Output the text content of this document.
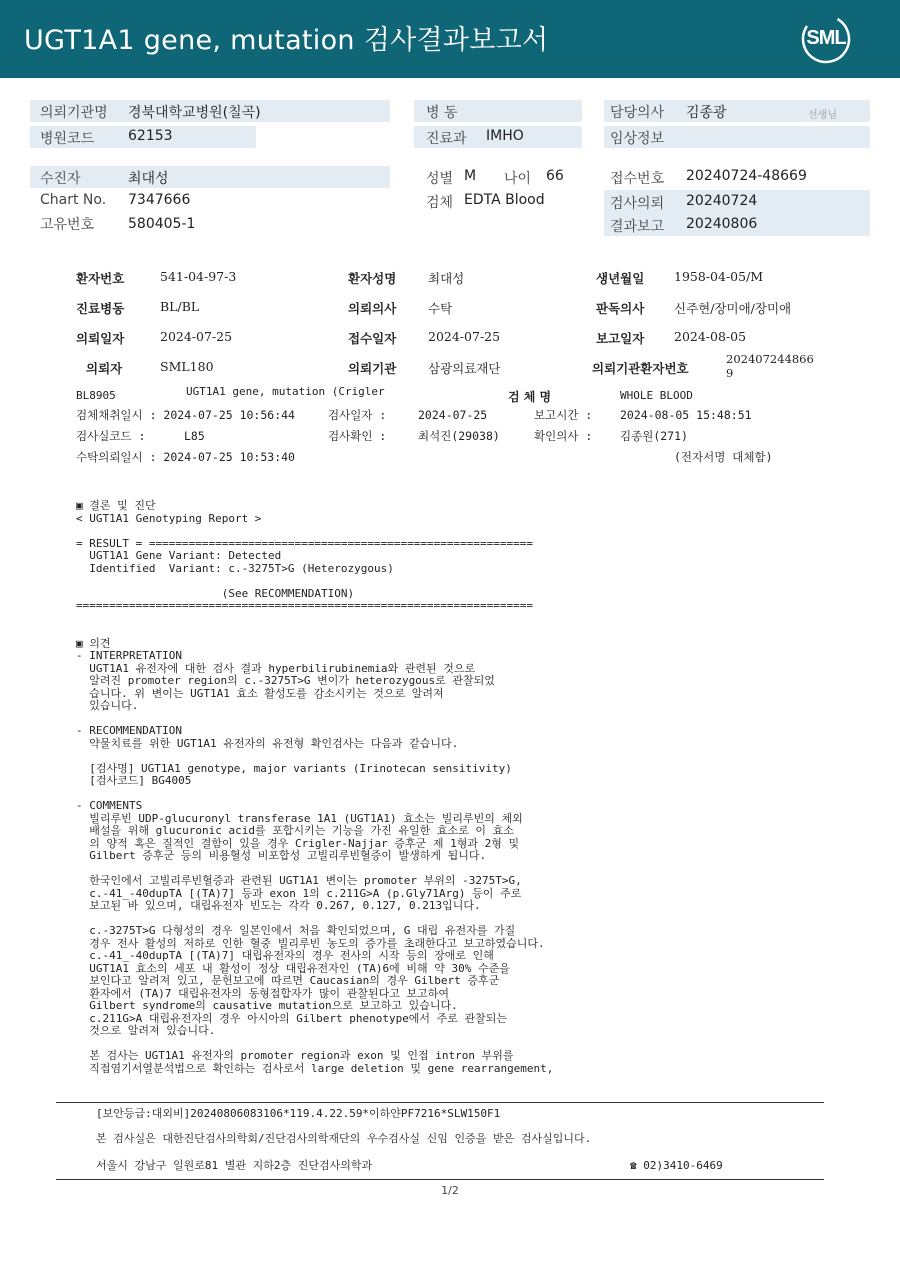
UGT1A1 gene, mutation 검사결과보고서	SML
의뢰기관명 경북대학교병원(칠곡)	병 동	담당의사 김종광	선생님
병원코드 62153	진료과 IMHO	임상정보
수진자	최대성	성별 M 나이 66	접수번호 20240724-48669
Chart No. 7347666	검체 EDTA Blood	검사의뢰 20240724
고유번호 580405-1	결과보고 20240806
환자번호	541-04-97-3	환자성명	최대성	생년월일 1958-04-05/M
진료병동	BL/BL	의뢰의사	수탁	판독의사 신주현/장미애/장미애
의뢰일자	2024-07-25	접수일자	2024-07-25	보고일자 2024-08-05
의뢰자	SML180	의뢰기관	삼광의료재단	의뢰기관환자번호
202407244866
9
BL8905	UGT1A1 gene, mutation (Crigler	검 체 명	WHOLE BLOOD
검체채취일시 : 2024-07-25 10:56:44	검사일자 :	2024-07-25	보고시간 : 2024-08-05 15:48:51
검사실코드 :	L85	검사확인 :	최석진(29038)	확인의사 : 김종원(271)
수탁의뢰일시 : 2024-07-25 10:53:40	(전자서명 대체함)
▣ 결론 및 진단
< UGT1A1 Genotyping Report >

= RESULT = ==========================================================
UGT1A1 Gene Variant: Detected
Identified  Variant: c.-3275T>G (Heterozygous)

(See RECOMMENDATION)
=====================================================================

▣ 의견
- INTERPRETATION
UGT1A1 유전자에 대한 검사 결과 hyperbilirubinemia와 관련된 것으로
알려진 promoter region의 c.-3275T>G 변이가 heterozygous로 관찰되었
습니다. 위 변이는 UGT1A1 효소 활성도를 감소시키는 것으로 알려져
있습니다.

- RECOMMENDATION
약물치료를 위한 UGT1A1 유전자의 유전형 확인검사는 다음과 같습니다.

[검사명] UGT1A1 genotype, major variants (Irinotecan sensitivity)
[검사코드] BG4005

- COMMENTS
빌리루빈 UDP-glucuronyl transferase 1A1 (UGT1A1) 효소는 빌리루빈의 체외
배설을 위해 glucuronic acid를 포합시키는 기능을 가진 유일한 효소로 이 효소
의 양적 혹은 질적인 결함이 있을 경우 Crigler-Najjar 증후군 제 1형과 2형 및
Gilbert 증후군 등의 비용혈성 비포합성 고빌리루빈혈증이 발생하게 됩니다.

한국인에서 고빌리루빈혈증과 관련된 UGT1A1 변이는 promoter 부위의 -3275T>G,
c.-41_-40dupTA [(TA)7] 등과 exon 1의 c.211G>A (p.Gly71Arg) 등이 주로
보고된 바 있으며, 대립유전자 빈도는 각각 0.267, 0.127, 0.213입니다.

c.-3275T>G 다형성의 경우 일본인에서 처음 확인되었으며, G 대립 유전자를 가질
경우 전사 활성의 저하로 인한 혈중 빌리루빈 농도의 증가를 초래한다고 보고하였습니다.
c.-41_-40dupTA [(TA)7] 대립유전자의 경우 전사의 시작 등의 장애로 인해
UGT1A1 효소의 세포 내 활성이 정상 대립유전자인 (TA)6에 비해 약 30% 수준을
보인다고 알려져 있고, 문헌보고에 따르면 Caucasian의 경우 Gilbert 증후군
환자에서 (TA)7 대립유전자의 동형접합자가 많이 관찰된다고 보고하여
Gilbert syndrome의 causative mutation으로 보고하고 있습니다.
c.211G>A 대립유전자의 경우 아시아의 Gilbert phenotype에서 주로 관찰되는
것으로 알려져 있습니다.

본 검사는 UGT1A1 유전자의 promoter region과 exon 및 인접 intron 부위를
직접염기서열분석법으로 확인하는 검사로서 large deletion 및 gene rearrangement,
[보안등급:대외비]20240806083106*119.4.22.59*이하얀PF7216*SLW150F1
본 검사실은 대한진단검사의학회/진단검사의학재단의 우수검사실 신임 인증을 받은 검사실입니다.
서울시 강남구 일원로81 별관 지하2층 진단검사의학과	☎ 02)3410-6469
1/2
